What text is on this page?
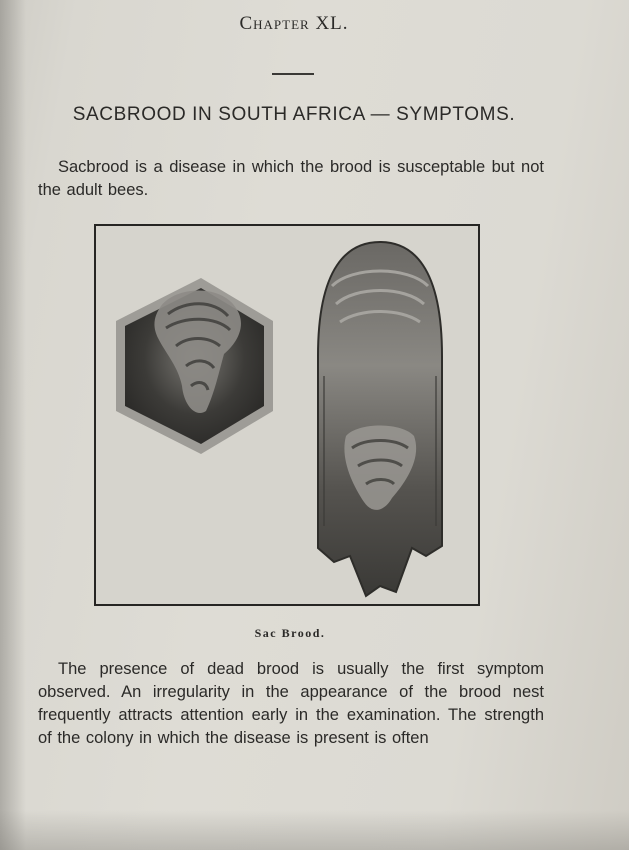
Chapter XL.

SACBROOD IN SOUTH AFRICA — SYMPTOMS.

Sacbrood is a disease in which the brood is susceptable but not the adult bees.

Sac Brood.

The presence of dead brood is usually the first symptom observed. An irregularity in the appearance of the brood nest frequently attracts attention early in the examination. The strength of the colony in which the disease is present is often
